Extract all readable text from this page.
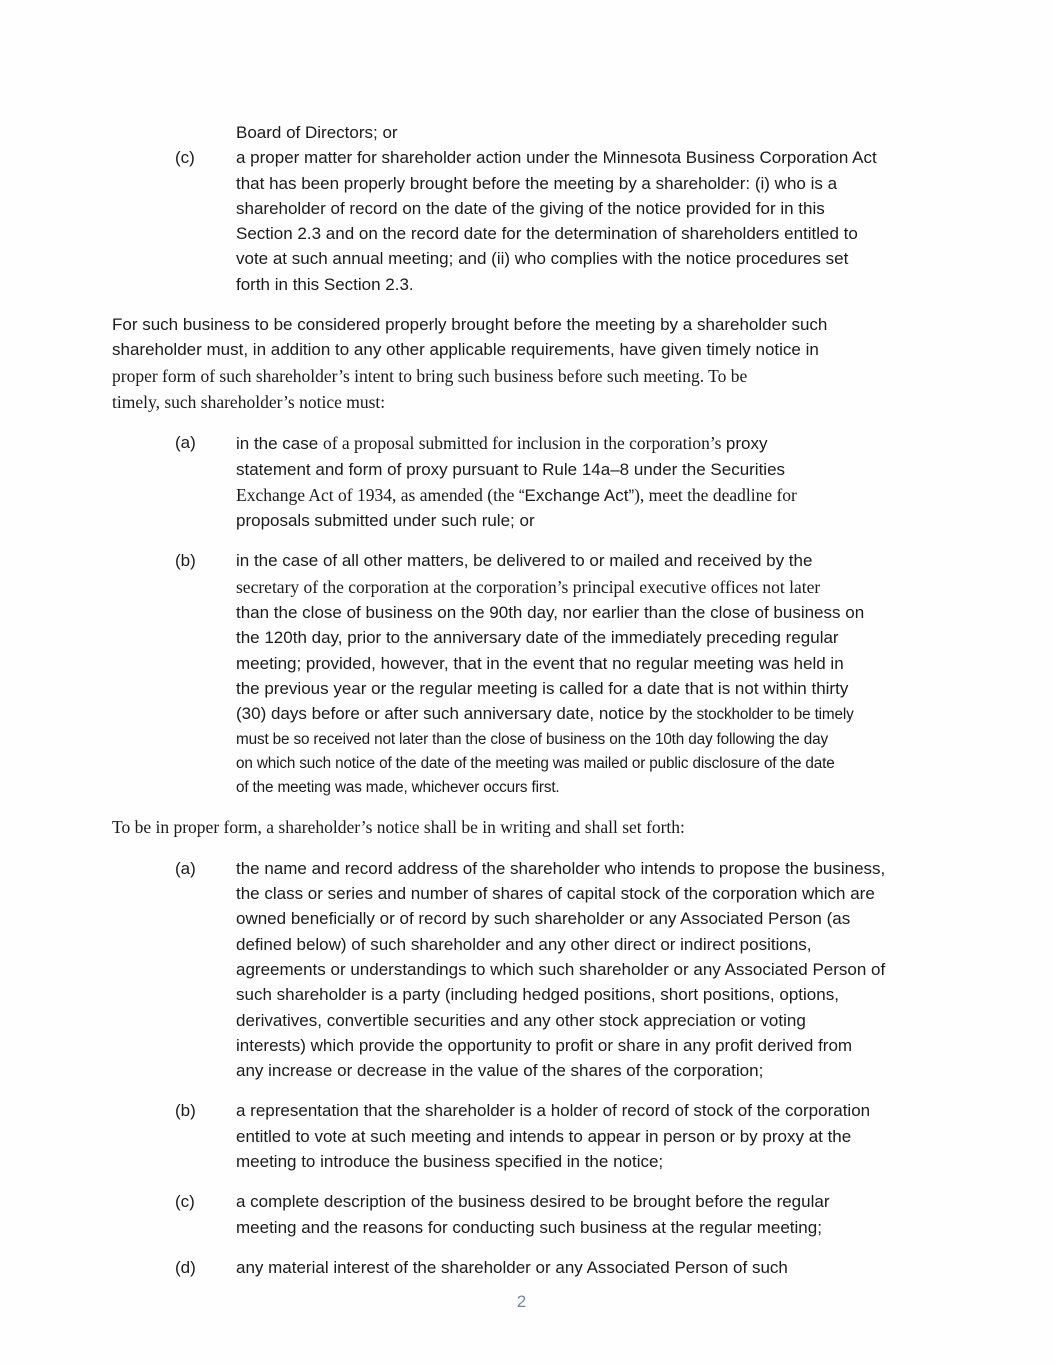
Board of Directors; or
(c)	a proper matter for shareholder action under the Minnesota Business Corporation Act
that has been properly brought before the meeting by a shareholder: (i) who is a
shareholder of record on the date of the giving of the notice provided for in this
Section 2.3 and on the record date for the determination of shareholders entitled to
vote at such annual meeting; and (ii) who complies with the notice procedures set
forth in this Section 2.3.
For such business to be considered properly brought before the meeting by a shareholder such
shareholder must, in addition to any other applicable requirements, have given timely notice in
proper form of such shareholder’s intent to bring such business before such meeting. To be
timely, such shareholder’s notice must:
(a)	in the case of a proposal submitted for inclusion in the corporation’s proxy
statement and form of proxy pursuant to Rule 14a–8 under the Securities
Exchange Act of 1934, as amended (the “Exchange Act”), meet the deadline for
proposals submitted under such rule; or
(b)	in the case of all other matters, be delivered to or mailed and received by the
secretary of the corporation at the corporation’s principal executive offices not later
than the close of business on the 90th day, nor earlier than the close of business on
the 120th day, prior to the anniversary date of the immediately preceding regular
meeting; provided, however, that in the event that no regular meeting was held in
the previous year or the regular meeting is called for a date that is not within thirty
(30) days before or after such anniversary date, notice by the stockholder to be timely
must be so received not later than the close of business on the 10th day following the day
on which such notice of the date of the meeting was mailed or public disclosure of the date
of the meeting was made, whichever occurs first.
To be in proper form, a shareholder’s notice shall be in writing and shall set forth:
(a)	the name and record address of the shareholder who intends to propose the business,
the class or series and number of shares of capital stock of the corporation which are
owned beneficially or of record by such shareholder or any Associated Person (as
defined below) of such shareholder and any other direct or indirect positions,
agreements or understandings to which such shareholder or any Associated Person of
such shareholder is a party (including hedged positions, short positions, options,
derivatives, convertible securities and any other stock appreciation or voting
interests) which provide the opportunity to profit or share in any profit derived from
any increase or decrease in the value of the shares of the corporation;
(b)	a representation that the shareholder is a holder of record of stock of the corporation
entitled to vote at such meeting and intends to appear in person or by proxy at the
meeting to introduce the business specified in the notice;
(c)	a complete description of the business desired to be brought before the regular
meeting and the reasons for conducting such business at the regular meeting;
(d)	any material interest of the shareholder or any Associated Person of such
2
